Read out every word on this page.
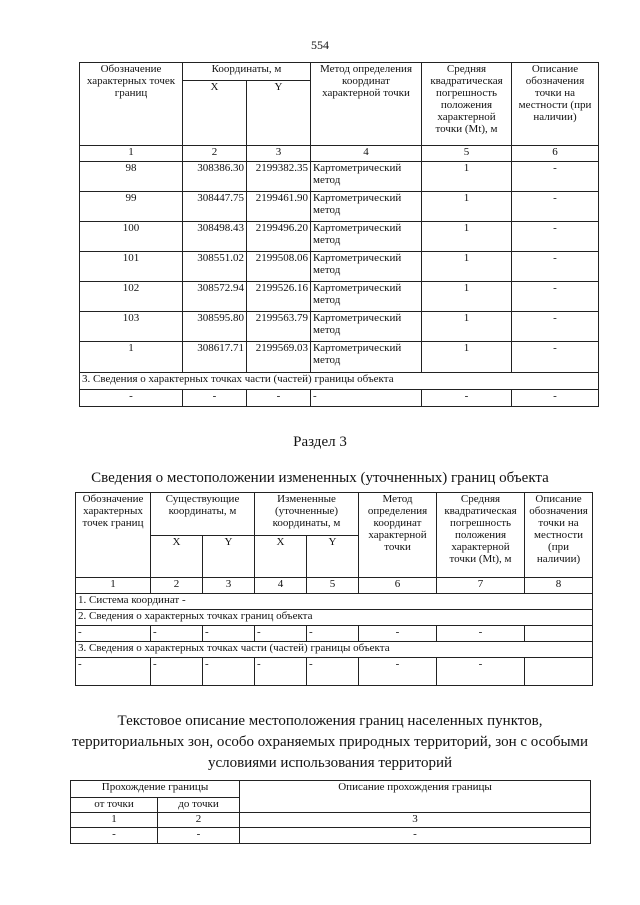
554
Обозначение характерных точек границ	Координаты, м		Метод определения координат характерной точки	Средняя квадратическая погрешность положения характерной точки (Mt), м	Описание обозначения точки на местности (при наличии)
	X	Y			
1	2	3	4	5	6
98	308386.30	2199382.35	Картометрический метод	1	-
99	308447.75	2199461.90	Картометрический метод	1	-
100	308498.43	2199496.20	Картометрический метод	1	-
101	308551.02	2199508.06	Картометрический метод	1	-
102	308572.94	2199526.16	Картометрический метод	1	-
103	308595.80	2199563.79	Картометрический метод	1	-
1	308617.71	2199569.03	Картометрический метод	1	-
3. Сведения о характерных точках части (частей) границы объекта					
-	-	-	-	-	-
Раздел 3
Сведения о местоположении измененных (уточненных) границ объекта
Обозначение характерных точек границ	Существующие координаты, м		Измененные (уточненные) координаты, м		Метод определения координат характерной точки	Средняя квадратическая погрешность положения характерной точки (Mt), м	Описание обозначения точки на местности (при наличии)
	X	Y	X	Y			
1	2	3	4	5	6	7	8
1. Система координат -							
2. Сведения о характерных точках границ объекта							
-	-	-	-	-	-	-	
3. Сведения о характерных точках части (частей) границы объекта							
-	-	-	-	-	-	-	
Текстовое описание местоположения границ населенных пунктов, территориальных зон, особо охраняемых природных территорий, зон с особыми условиями использования территорий
Прохождение границы		Описание прохождения границы
от точки	до точки	
1	2	3
-	-	-
